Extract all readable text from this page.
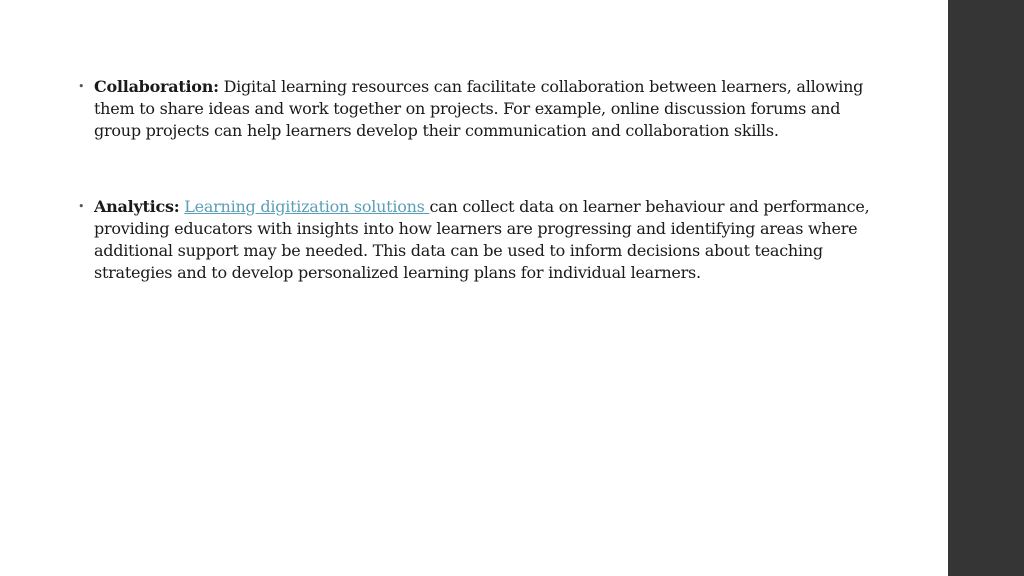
• Collaboration: Digital learning resources can facilitate collaboration between learners, allowing them to share ideas and work together on projects. For example, online discussion forums and group projects can help learners develop their communication and collaboration skills.
• Analytics: Learning digitization solutions can collect data on learner behaviour and performance, providing educators with insights into how learners are progressing and identifying areas where additional support may be needed. This data can be used to inform decisions about teaching strategies and to develop personalized learning plans for individual learners.
